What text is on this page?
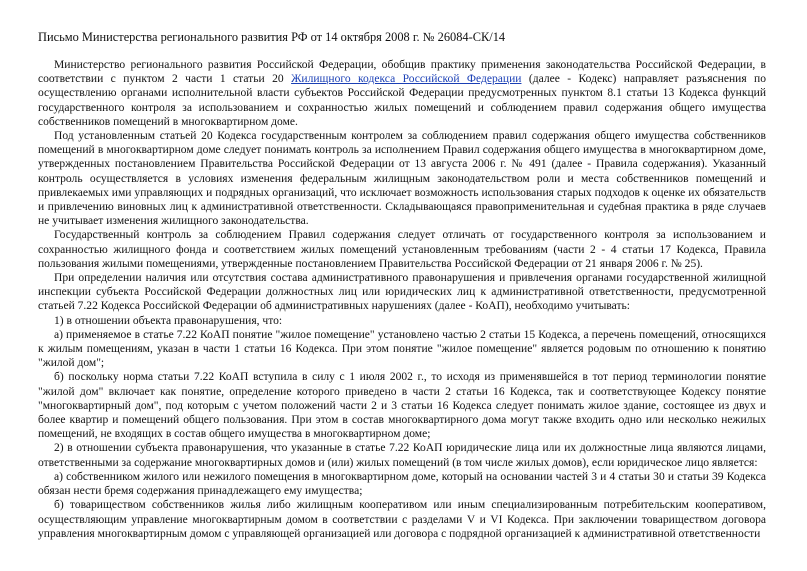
Письмо Министерства регионального развития РФ от 14 октября 2008 г. № 26084-СК/14

Министерство регионального развития Российской Федерации, обобщив практику применения законодательства Российской Федерации, в соответствии с пунктом 2 части 1 статьи 20 Жилищного кодекса Российской Федерации (далее - Кодекс) направляет разъяснения по осуществлению органами исполнительной власти субъектов Российской Федерации предусмотренных пунктом 8.1 статьи 13 Кодекса функций государственного контроля за использованием и сохранностью жилых помещений и соблюдением правил содержания общего имущества собственников помещений в многоквартирном доме.

Под установленным статьей 20 Кодекса государственным контролем за соблюдением правил содержания общего имущества собственников помещений в многоквартирном доме следует понимать контроль за исполнением Правил содержания общего имущества в многоквартирном доме, утвержденных постановлением Правительства Российской Федерации от 13 августа 2006 г. № 491 (далее - Правила содержания). Указанный контроль осуществляется в условиях изменения федеральным жилищным законодательством роли и места собственников помещений и привлекаемых ими управляющих и подрядных организаций, что исключает возможность использования старых подходов к оценке их обязательств и привлечению виновных лиц к административной ответственности. Складывающаяся правоприменительная и судебная практика в ряде случаев не учитывает изменения жилищного законодательства.

Государственный контроль за соблюдением Правил содержания следует отличать от государственного контроля за использованием и сохранностью жилищного фонда и соответствием жилых помещений установленным требованиям (части 2 - 4 статьи 17 Кодекса, Правила пользования жилыми помещениями, утвержденные постановлением Правительства Российской Федерации от 21 января 2006 г. № 25).

При определении наличия или отсутствия состава административного правонарушения и привлечения органами государственной жилищной инспекции субъекта Российской Федерации должностных лиц или юридических лиц к административной ответственности, предусмотренной статьей 7.22 Кодекса Российской Федерации об административных нарушениях (далее - КоАП), необходимо учитывать:

1) в отношении объекта правонарушения, что:

а) применяемое в статье 7.22 КоАП понятие "жилое помещение" установлено частью 2 статьи 15 Кодекса, а перечень помещений, относящихся к жилым помещениям, указан в части 1 статьи 16 Кодекса. При этом понятие "жилое помещение" является родовым по отношению к понятию "жилой дом";

б) поскольку норма статьи 7.22 КоАП вступила в силу с 1 июля 2002 г., то исходя из применявшейся в тот период терминологии понятие "жилой дом" включает как понятие, определение которого приведено в части 2 статьи 16 Кодекса, так и соответствующее Кодексу понятие "многоквартирный дом", под которым с учетом положений части 2 и 3 статьи 16 Кодекса следует понимать жилое здание, состоящее из двух и более квартир и помещений общего пользования. При этом в состав многоквартирного дома могут также входить одно или несколько нежилых помещений, не входящих в состав общего имущества в многоквартирном доме;

2) в отношении субъекта правонарушения, что указанные в статье 7.22 КоАП юридические лица или их должностные лица являются лицами, ответственными за содержание многоквартирных домов и (или) жилых помещений (в том числе жилых домов), если юридическое лицо является:

а) собственником жилого или нежилого помещения в многоквартирном доме, который на основании частей 3 и 4 статьи 30 и статьи 39 Кодекса обязан нести бремя содержания принадлежащего ему имущества;

б) товариществом собственников жилья либо жилищным кооперативом или иным специализированным потребительским кооперативом, осуществляющим управление многоквартирным домом в соответствии с разделами V и VI Кодекса. При заключении товариществом договора управления многоквартирным домом с управляющей организацией или договора с подрядной организацией к административной ответственности
